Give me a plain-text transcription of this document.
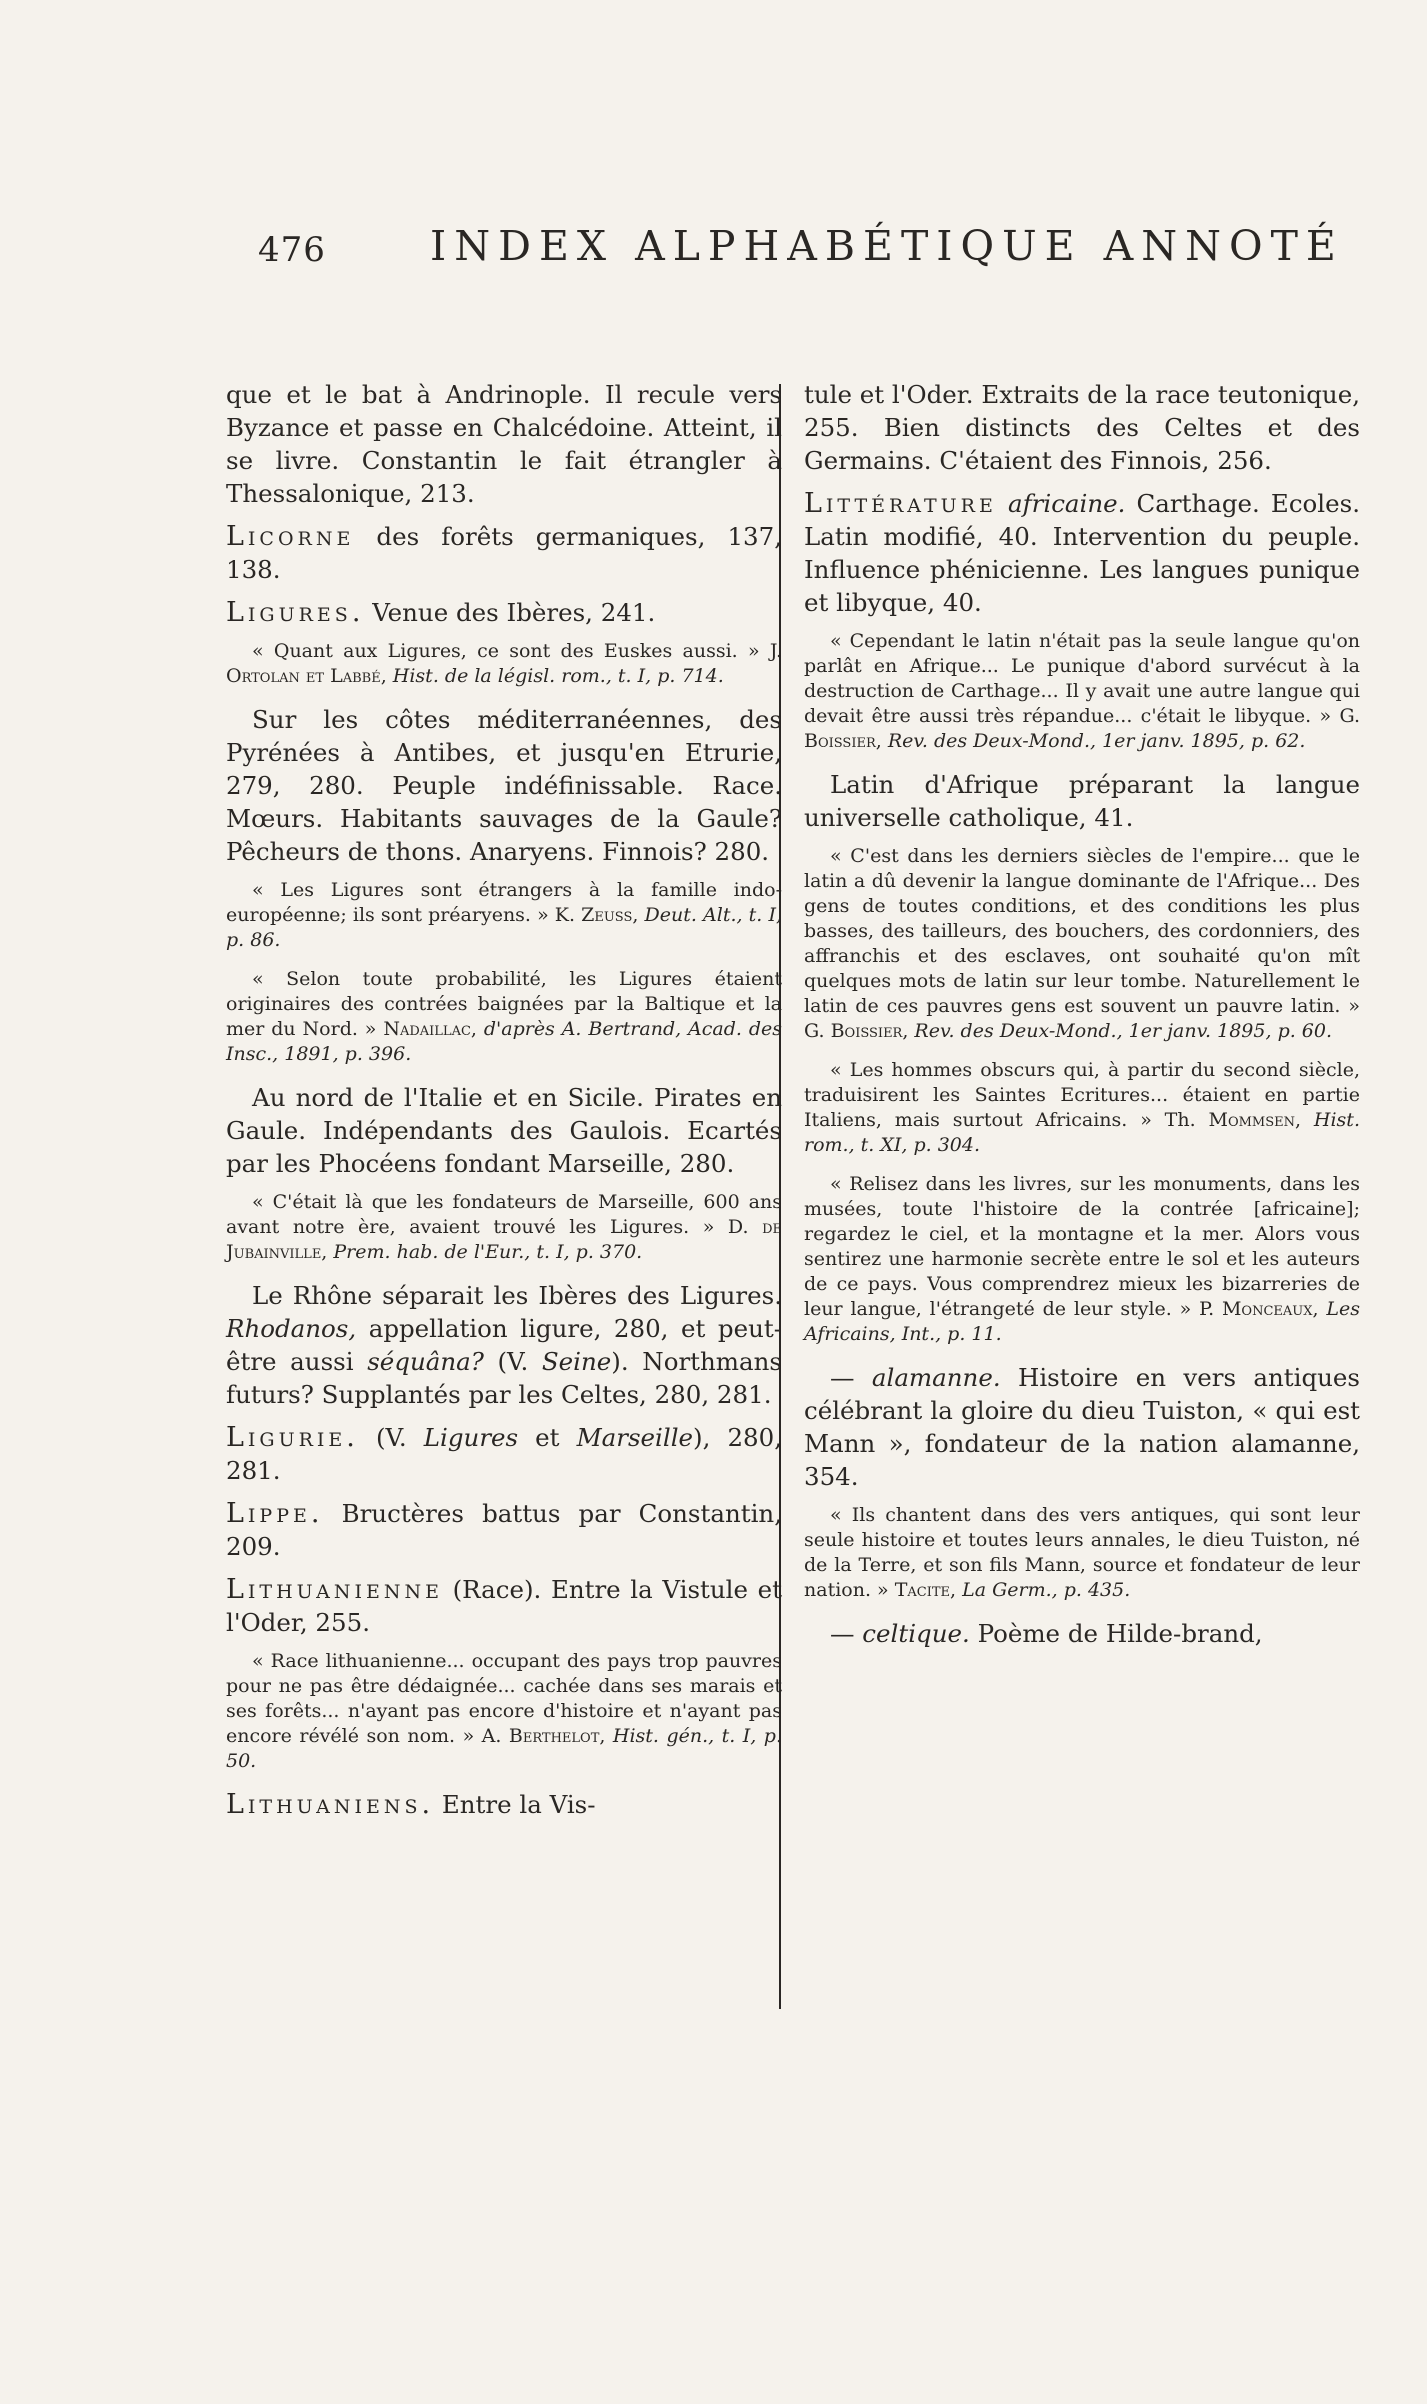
476	INDEX ALPHABÉTIQUE ANNOTÉ

que et le bat à Andrinople. Il recule vers Byzance et passe en Chalcédoine. Atteint, il se livre. Constantin le fait étrangler à Thessalonique, 213.

Licorne des forêts germaniques, 137, 138.

Ligures. Venue des Ibères, 241.

« Quant aux Ligures, ce sont des Euskes aussi. » J. Ortolan et Labbé, Hist. de la législ. rom., t. I, p. 714.

Sur les côtes méditerranéennes, des Pyrénées à Antibes, et jusqu'en Etrurie, 279, 280. Peuple indéfinissable. Race. Mœurs. Habitants sauvages de la Gaule? Pêcheurs de thons. Anaryens. Finnois? 280.

« Les Ligures sont étrangers à la famille indo-européenne; ils sont préaryens. » K. Zeuss, Deut. Alt., t. I, p. 86.

« Selon toute probabilité, les Ligures étaient originaires des contrées baignées par la Baltique et la mer du Nord. » Nadaillac, d'après A. Bertrand, Acad. des Insc., 1891, p. 396.

Au nord de l'Italie et en Sicile. Pirates en Gaule. Indépendants des Gaulois. Ecartés par les Phocéens fondant Marseille, 280.

« C'était là que les fondateurs de Marseille, 600 ans avant notre ère, avaient trouvé les Ligures. » D. de Jubainville, Prem. hab. de l'Eur., t. I, p. 370.

Le Rhône séparait les Ibères des Ligures. Rhodanos, appellation ligure, 280, et peut-être aussi séquâna? (V. Seine). Northmans futurs? Supplantés par les Celtes, 280, 281.

Ligurie. (V. Ligures et Marseille), 280, 281.

Lippe. Bructères battus par Constantin, 209.

Lithuanienne (Race). Entre la Vistule et l'Oder, 255.

« Race lithuanienne... occupant des pays trop pauvres pour ne pas être dédaignée... cachée dans ses marais et ses forêts... n'ayant pas encore d'histoire et n'ayant pas encore révélé son nom. » A. Berthelot, Hist. gén., t. I, p. 50.

Lithuaniens. Entre la Vis-

tule et l'Oder. Extraits de la race teutonique, 255. Bien distincts des Celtes et des Germains. C'étaient des Finnois, 256.

Littérature africaine. Carthage. Ecoles. Latin modifié, 40. Intervention du peuple. Influence phénicienne. Les langues punique et libyque, 40.

« Cependant le latin n'était pas la seule langue qu'on parlât en Afrique... Le punique d'abord survécut à la destruction de Carthage... Il y avait une autre langue qui devait être aussi très répandue... c'était le libyque. » G. Boissier, Rev. des Deux-Mond., 1er janv. 1895, p. 62.

Latin d'Afrique préparant la langue universelle catholique, 41.

« C'est dans les derniers siècles de l'empire... que le latin a dû devenir la langue dominante de l'Afrique... Des gens de toutes conditions, et des conditions les plus basses, des tailleurs, des bouchers, des cordonniers, des affranchis et des esclaves, ont souhaité qu'on mît quelques mots de latin sur leur tombe. Naturellement le latin de ces pauvres gens est souvent un pauvre latin. » G. Boissier, Rev. des Deux-Mond., 1er janv. 1895, p. 60.

« Les hommes obscurs qui, à partir du second siècle, traduisirent les Saintes Ecritures... étaient en partie Italiens, mais surtout Africains. » Th. Mommsen, Hist. rom., t. XI, p. 304.

« Relisez dans les livres, sur les monuments, dans les musées, toute l'histoire de la contrée [africaine]; regardez le ciel, et la montagne et la mer. Alors vous sentirez une harmonie secrète entre le sol et les auteurs de ce pays. Vous comprendrez mieux les bizarreries de leur langue, l'étrangeté de leur style. » P. Monceaux, Les Africains, Int., p. 11.

— alamanne. Histoire en vers antiques célébrant la gloire du dieu Tuiston, « qui est Mann », fondateur de la nation alamanne, 354.

« Ils chantent dans des vers antiques, qui sont leur seule histoire et toutes leurs annales, le dieu Tuiston, né de la Terre, et son fils Mann, source et fondateur de leur nation. » Tacite, La Germ., p. 435.

— celtique. Poème de Hilde-brand,
